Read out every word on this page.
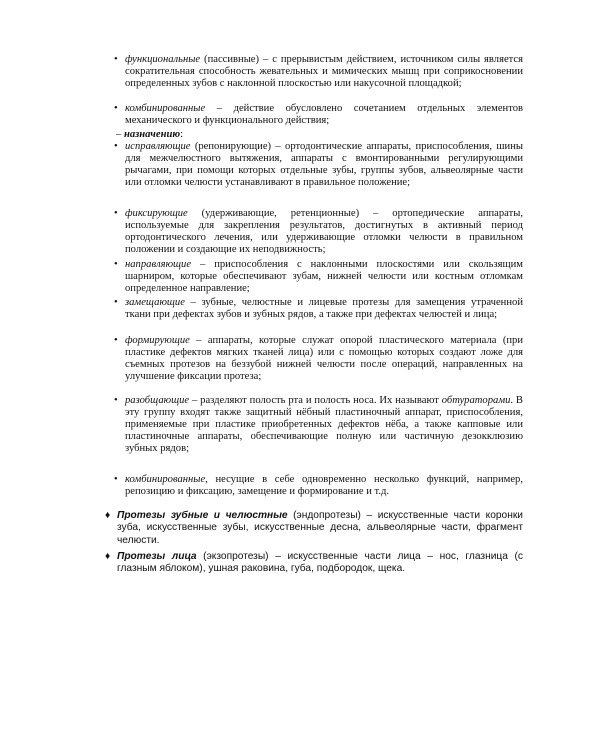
• функциональные (пассивные) – с прерывистым действием, источником силы является сократительная способность жевательных и мимических мышц при соприкосновении определенных зубов с наклонной плоскостью или накусочной площадкой;
• комбинированные – действие обусловлено сочетанием отдельных элементов механического и функционального действия;
– назначению:
• исправляющие (репонирующие) – ортодонтические аппараты, приспособления, шины для межчелюстного вытяжения, аппараты с вмонтированными регулирующими рычагами, при помощи которых отдельные зубы, группы зубов, альвеолярные части или отломки челюсти устанавливают в правильное положение;
• фиксирующие (удерживающие, ретенционные) – ортопедические аппараты, используемые для закрепления результатов, достигнутых в активный период ортодонтического лечения, или удерживающие отломки челюсти в правильном положении и создающие их неподвижность;
• направляющие – приспособления с наклонными плоскостями или скользящим шарниром, которые обеспечивают зубам, нижней челюсти или костным отломкам определенное направление;
• замещающие – зубные, челюстные и лицевые протезы для замещения утраченной ткани при дефектах зубов и зубных рядов, а также при дефектах челюстей и лица;
• формирующие – аппараты, которые служат опорой пластического материала (при пластике дефектов мягких тканей лица) или с помощью которых создают ложе для съемных протезов на беззубой нижней челюсти после операций, направленных на улучшение фиксации протеза;
• разобщающие – разделяют полость рта и полость носа. Их называют обтураторами. В эту группу входят также защитный нёбный пластиночный аппарат, приспособления, применяемые при пластике приобретенных дефектов нёба, а также капповые или пластиночные аппараты, обеспечивающие полную или частичную дезокклюзию зубных рядов;
• комбинированные, несущие в себе одновременно несколько функций, например, репозицию и фиксацию, замещение и формирование и т.д.
♦ Протезы зубные и челюстные (эндопротезы) – искусственные части коронки зуба, искусственные зубы, искусственные десна, альвеолярные части, фрагмент челюсти.
♦ Протезы лица (экзопротезы) – искусственные части лица – нос, глазница (с глазным яблоком), ушная раковина, губа, подбородок, щека.
